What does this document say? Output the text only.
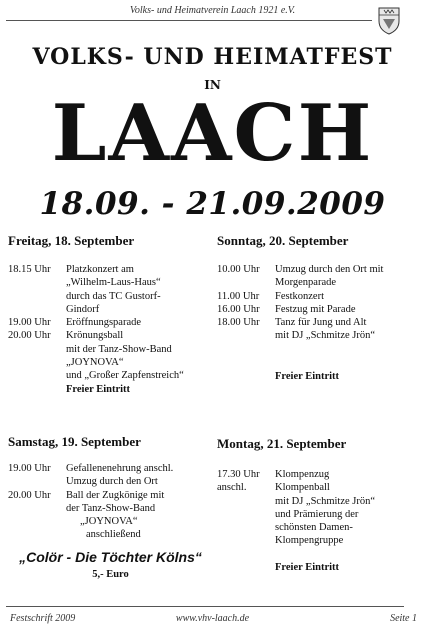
Volks- und Heimatverein Laach 1921 e.V.
VOLKS- UND HEIMATFEST
IN
LAACH
18.09. - 21.09.2009
Freitag, 18. September
18.15 Uhr	Platzkonzert am
„Wilhelm-Laus-Haus“
durch das TC Gustorf-
Gindorf
19.00 Uhr	Eröffnungsparade
20.00 Uhr	Krönungsball
mit der Tanz-Show-Band
„JOYNOVA“
und „Großer Zapfenstreich“
Freier Eintritt
Sonntag, 20. September
10.00 Uhr	Umzug durch den Ort mit
Morgenparade
11.00 Uhr	Festkonzert
16.00 Uhr	Festzug mit Parade
18.00 Uhr	Tanz für Jung und Alt
mit DJ „Schmitze Jrön“
Freier Eintritt
Samstag, 19. September
19.00 Uhr	Gefallenenehrung anschl.
Umzug durch den Ort
20.00 Uhr	Ball der Zugkönige mit
der Tanz-Show-Band
„JOYNOVA“
anschließend
„Colör - Die Töchter Kölns“
5,- Euro
Montag, 21. September
17.30 Uhr	Klompenzug
anschl.	Klompenball
mit DJ „Schmitze Jrön“
und Prämierung der
schönsten Damen-
Klompengruppe
Freier Eintritt
Festschrift 2009	www.vhv-laach.de	Seite 1
